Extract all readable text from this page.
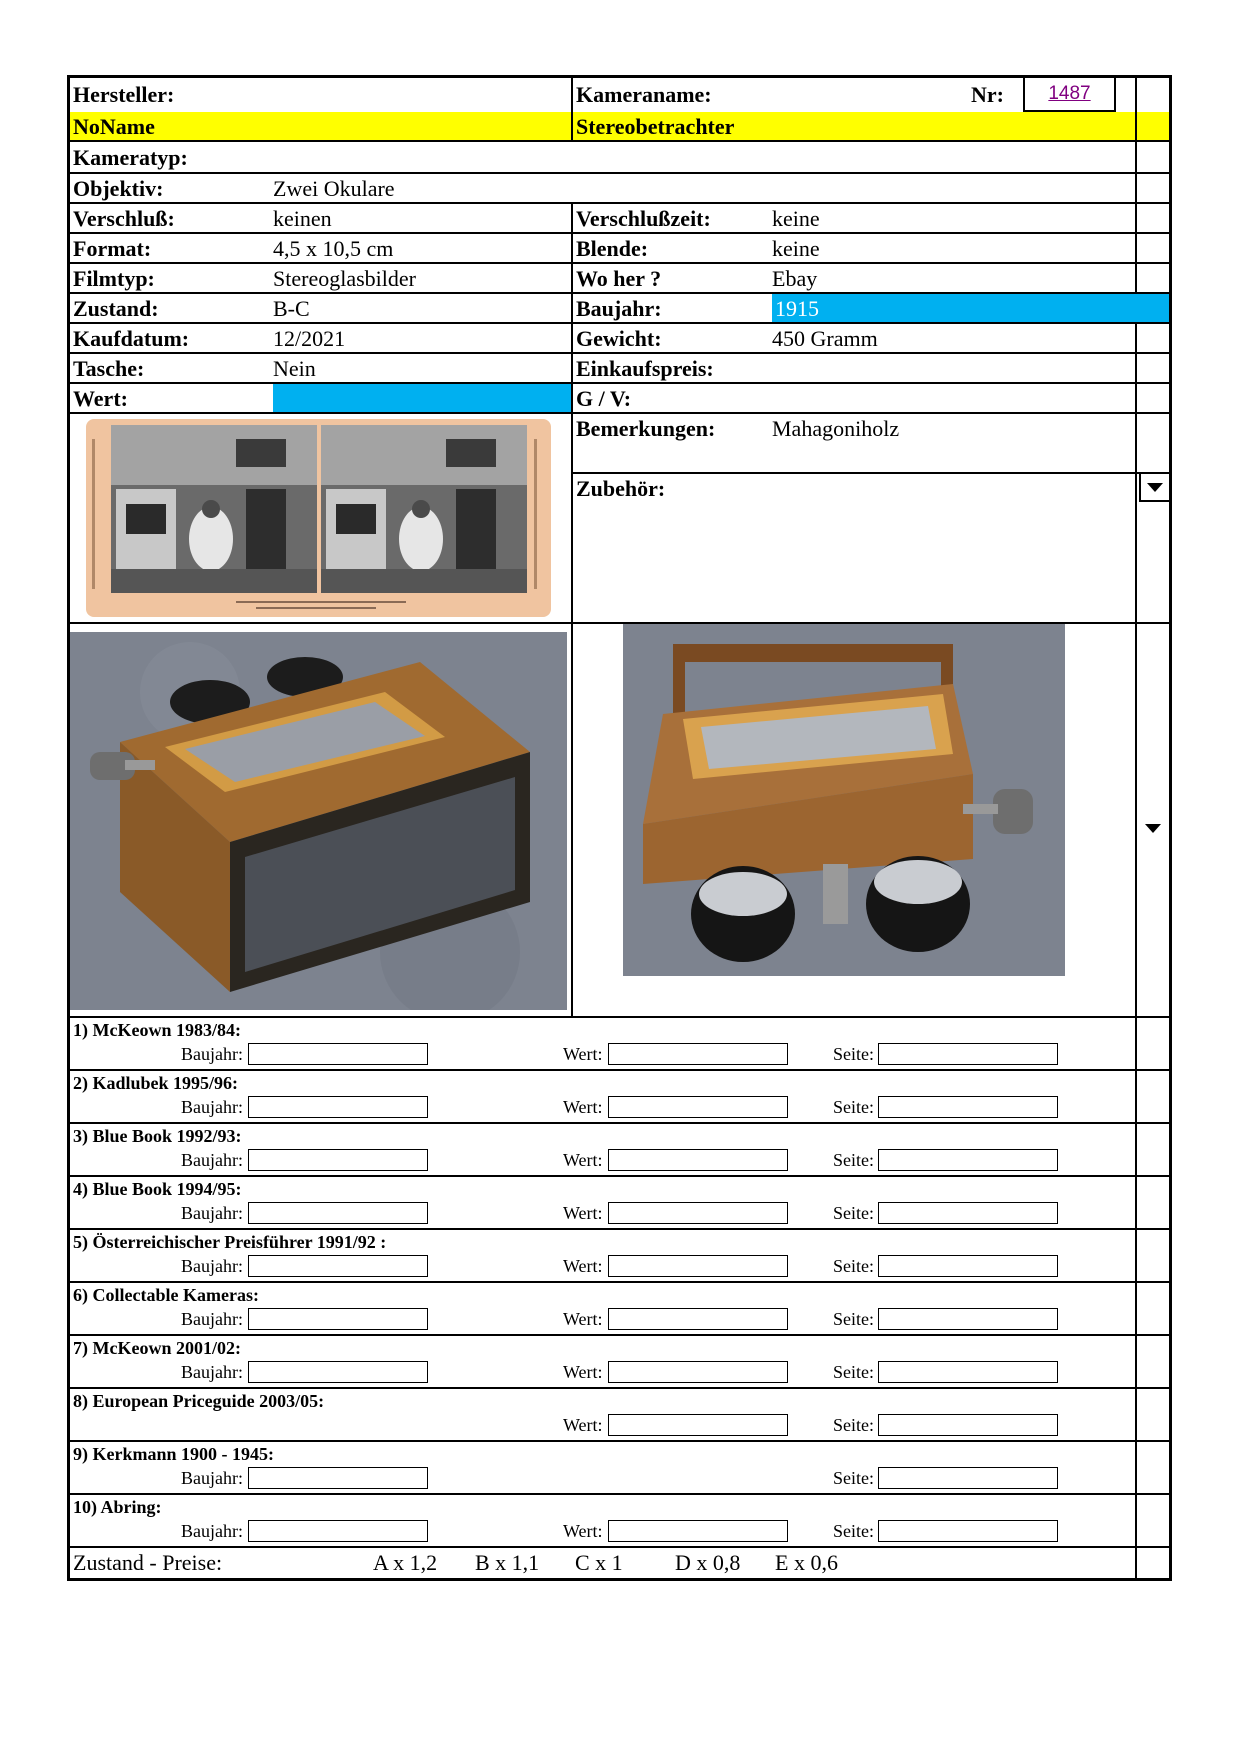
Hersteller:	Kameraname:	Nr:	1487
NoName	Stereobetrachter
Kameratyp:
Objektiv:	Zwei Okulare
Verschluß:	keinen	Verschlußzeit:	keine
Format:	4,5 x 10,5 cm	Blende:	keine
Filmtyp:	Stereoglasbilder	Wo her ?	Ebay
Zustand:	B-C	Baujahr:	1915
Kaufdatum:	12/2021	Gewicht:	450 Gramm
Tasche:	Nein	Einkaufspreis:
Wert:	G / V:
Bemerkungen:	Mahagoniholz
Zubehör:
1) McKeown 1983/84:
Baujahr:	Wert:	Seite:
2) Kadlubek 1995/96:
Baujahr:	Wert:	Seite:
3) Blue Book 1992/93:
Baujahr:	Wert:	Seite:
4) Blue Book 1994/95:
Baujahr:	Wert:	Seite:
5) Österreichischer Preisführer 1991/92 :
Baujahr:	Wert:	Seite:
6) Collectable Kameras:
Baujahr:	Wert:	Seite:
7) McKeown 2001/02:
Baujahr:	Wert:	Seite:
8) European Priceguide 2003/05:
Wert:	Seite:
9) Kerkmann 1900 - 1945:
Baujahr:	Seite:
10) Abring:
Baujahr:	Wert:	Seite:
Zustand - Preise:	A x 1,2 B x 1,1 C x 1 D x 0,8 E x 0,6
